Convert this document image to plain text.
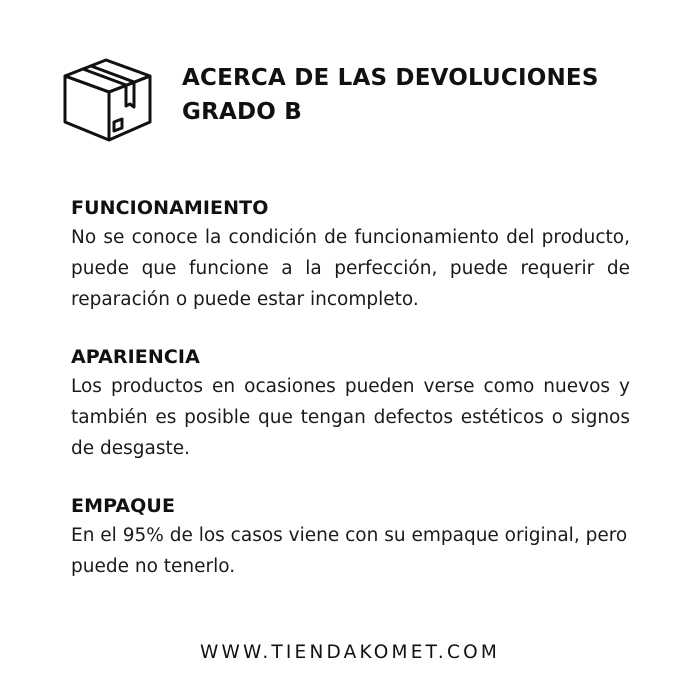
ACERCA DE LAS DEVOLUCIONES
GRADO B
FUNCIONAMIENTO

No se conoce la condición de funcionamiento del producto, puede que funcione a la perfección, puede requerir de reparación o puede estar incompleto.

APARIENCIA

Los productos en ocasiones pueden verse como nuevos y también es posible que tengan defectos estéticos o signos de desgaste.

EMPAQUE

En el 95% de los casos viene con su empaque original, pero puede no tenerlo.

WWW.TIENDAKOMET.COM
